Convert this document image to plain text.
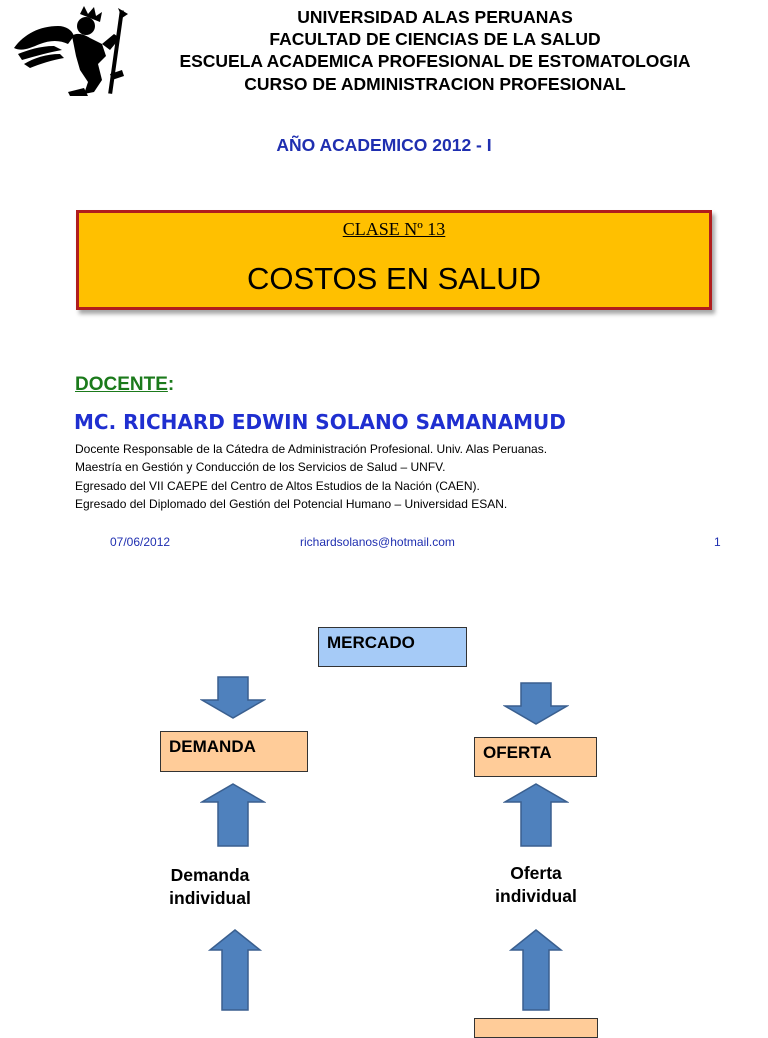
UNIVERSIDAD ALAS PERUANAS
FACULTAD DE CIENCIAS DE LA SALUD
ESCUELA ACADEMICA PROFESIONAL DE ESTOMATOLOGIA
CURSO DE ADMINISTRACION PROFESIONAL
AÑO ACADEMICO 2012 - I
CLASE Nº 13
COSTOS EN SALUD
DOCENTE:
MC. RICHARD EDWIN SOLANO SAMANAMUD
Docente Responsable de la Cátedra de Administración Profesional. Univ. Alas Peruanas.
Maestría en Gestión y Conducción de los Servicios de Salud – UNFV.
Egresado del VII CAEPE del Centro de Altos Estudios de la Nación (CAEN).
Egresado del Diplomado del Gestión del Potencial Humano – Universidad ESAN.
07/06/2012	richardsolanos@hotmail.com	1
MERCADO
DEMANDA	OFERTA
Demanda
individual
Oferta
individual
